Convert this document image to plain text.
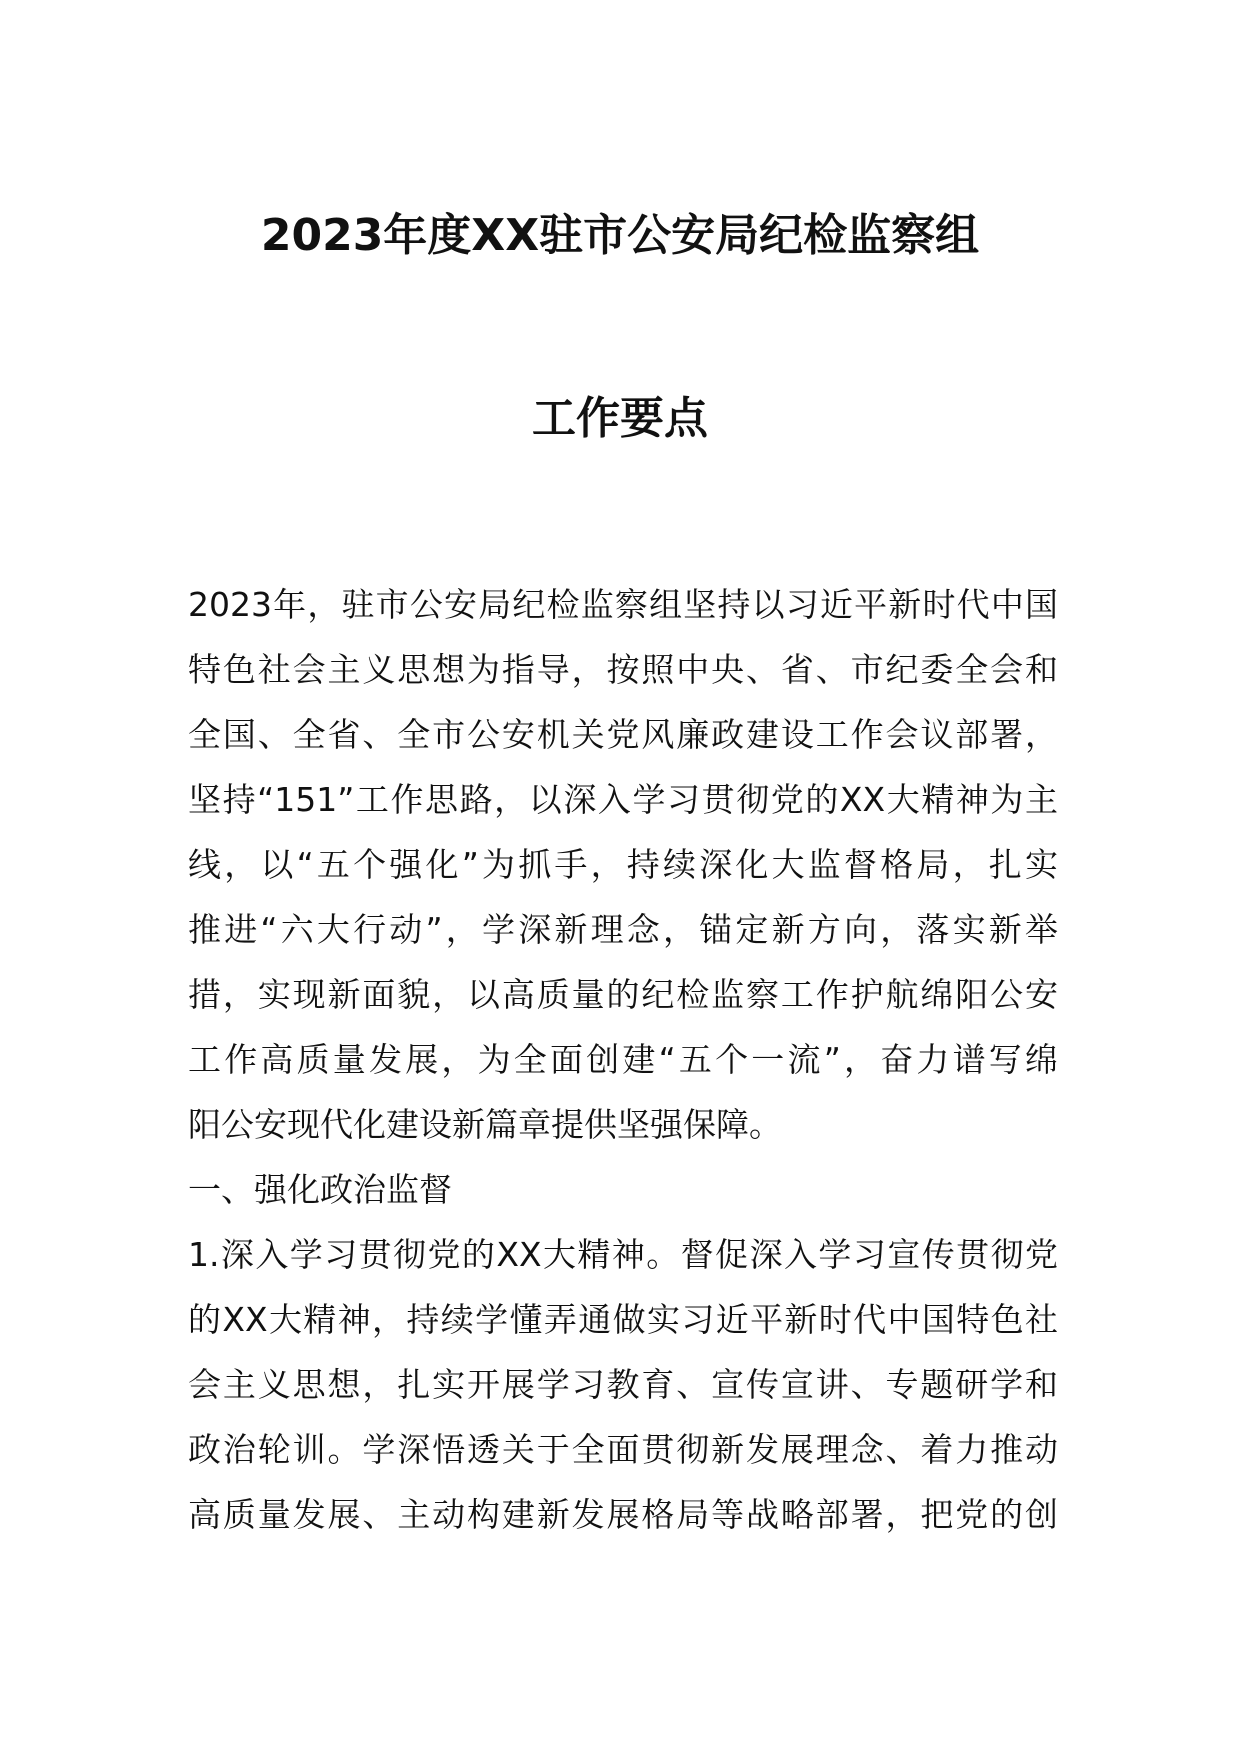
2023年度XX驻市公安局纪检监察组
工作要点
2023年，驻市公安局纪检监察组坚持以习近平新时代中国
特色社会主义思想为指导，按照中央、省、市纪委全会和
全国、全省、全市公安机关党风廉政建设工作会议部署，
坚持“151”工作思路，以深入学习贯彻党的XX大精神为主
线，以“五个强化”为抓手，持续深化大监督格局，扎实
推进“六大行动”，学深新理念，锚定新方向，落实新举
措，实现新面貌，以高质量的纪检监察工作护航绵阳公安
工作高质量发展，为全面创建“五个一流”，奋力谱写绵
阳公安现代化建设新篇章提供坚强保障。
一、强化政治监督
1.深入学习贯彻党的XX大精神。督促深入学习宣传贯彻党
的XX大精神，持续学懂弄通做实习近平新时代中国特色社
会主义思想，扎实开展学习教育、宣传宣讲、专题研学和
政治轮训。学深悟透关于全面贯彻新发展理念、着力推动
高质量发展、主动构建新发展格局等战略部署，把党的创
